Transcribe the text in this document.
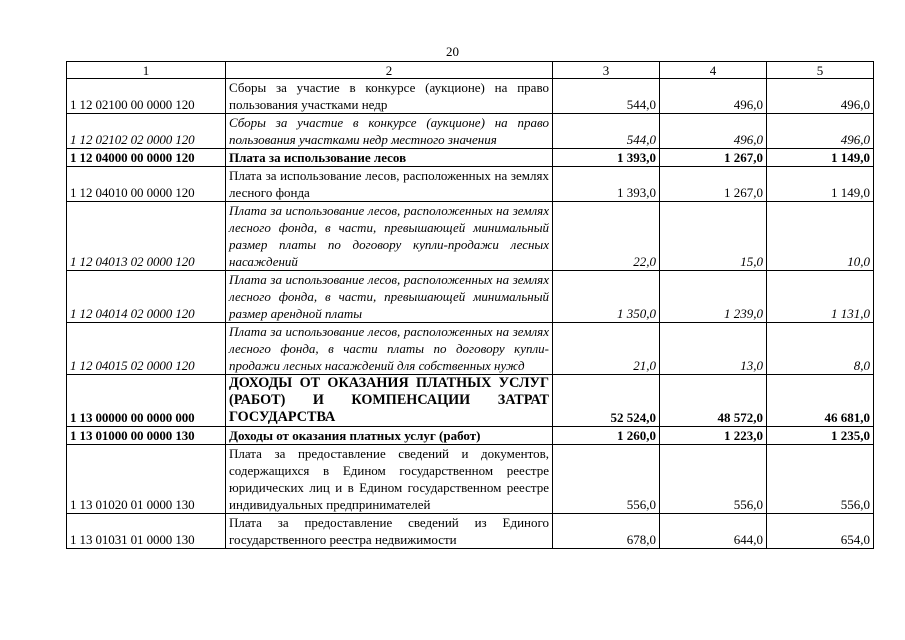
20
1	2	3	4	5
1 12 02100 00 0000 120	Сборы за участие в конкурсе (аукционе) на право пользования участками недр	544,0	496,0	496,0
1 12 02102 02 0000 120	Сборы за участие в конкурсе (аукционе) на право пользования участками недр местного значения	544,0	496,0	496,0
1 12 04000 00 0000 120	Плата за использование лесов	1 393,0	1 267,0	1 149,0
1 12 04010 00 0000 120	Плата за использование лесов, расположенных на землях лесного фонда	1 393,0	1 267,0	1 149,0
1 12 04013 02 0000 120	Плата за использование лесов, расположенных на землях лесного фонда, в части, превышающей минимальный размер платы по договору купли-продажи лесных насаждений	22,0	15,0	10,0
1 12 04014 02 0000 120	Плата за использование лесов, расположенных на землях лесного фонда, в части, превышающей минимальный размер арендной платы	1 350,0	1 239,0	1 131,0
1 12 04015 02 0000 120	Плата за использование лесов, расположенных на землях лесного фонда, в части платы по договору купли-продажи лесных насаждений для собственных нужд	21,0	13,0	8,0
1 13 00000 00 0000 000	ДОХОДЫ ОТ ОКАЗАНИЯ ПЛАТНЫХ УСЛУГ (РАБОТ) И КОМПЕНСАЦИИ ЗАТРАТ ГОСУДАРСТВА	52 524,0	48 572,0	46 681,0
1 13 01000 00 0000 130	Доходы от оказания платных услуг (работ)	1 260,0	1 223,0	1 235,0
1 13 01020 01 0000 130	Плата за предоставление сведений и документов, содержащихся в Едином государственном реестре юридических лиц и в Едином государственном реестре индивидуальных предпринимателей	556,0	556,0	556,0
1 13 01031 01 0000 130	Плата за предоставление сведений из Единого государственного реестра недвижимости	678,0	644,0	654,0
